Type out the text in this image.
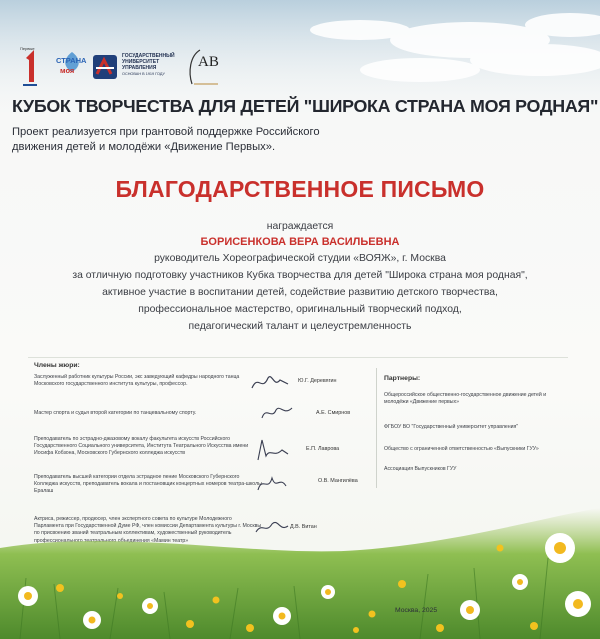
Первые
СТРАНА
моя
ГОСУДАРСТВЕННЫЙ
УНИВЕРСИТЕТ
УПРАВЛЕНИЯ
ОСНОВАН В 1919 ГОДУ
АВ
КУБОК ТВОРЧЕСТВА ДЛЯ ДЕТЕЙ "ШИРОКА СТРАНА МОЯ РОДНАЯ"
Проект реализуется при грантовой поддержке Российского
движения детей и молодёжи «Движение Первых».
БЛАГОДАРСТВЕННОЕ ПИСЬМО
награждается
БОРИСЕНКОВА ВЕРА ВАСИЛЬЕВНА
руководитель Хореографической студии «ВОЯЖ», г. Москва
за отличную подготовку участников Кубка творчества для детей "Широка страна моя родная",
активное участие в воспитании детей, содействие развитию детского творчества,
профессиональное мастерство, оригинальный творческий подход,
педагогический талант и целеустремленность
Члены жюри:
Заслуженный работник культуры России, экс заведующий кафедры народного танца Московского государственного института культуры, профессор.
Ю.Г. Деревягин
Мастер спорта и судья второй категории по танцевальному спорту.	А.Е. Смирнов
Преподаватель по эстрадно-джазовому вокалу факультета искусств Российского Государственного Социального университета, Института Театрального Искусства имени Иосифа Кобзона, Московского Губернского колледжа искусств
Е.П. Лаврова
Преподаватель высшей категории отдела эстрадное пение Московского Губернского Колледжа искусств, преподаватель вокала и постановщик концертных номеров театра-школы Ералаш
О.В. Мангилёва
Актриса, режиссер, продюсер, член экспертного совета по культуре Молодежного Парламента при Государственной Думе РФ, член комиссии Департамента культуры г. Москвы по присвоению званий театральным коллективам, художественный руководитель профессионального театрального объединения «Мамин театр»
Д.В. Витан
Партнеры:
Общероссийское общественно-государственное движение детей и молодёжи «Движение первых»
ФГБОУ ВО "Государственный университет управления"
Общество с ограниченной ответственностью «Выпускники ГУУ»
Ассоциация Выпускников ГУУ
Москва, 2025
